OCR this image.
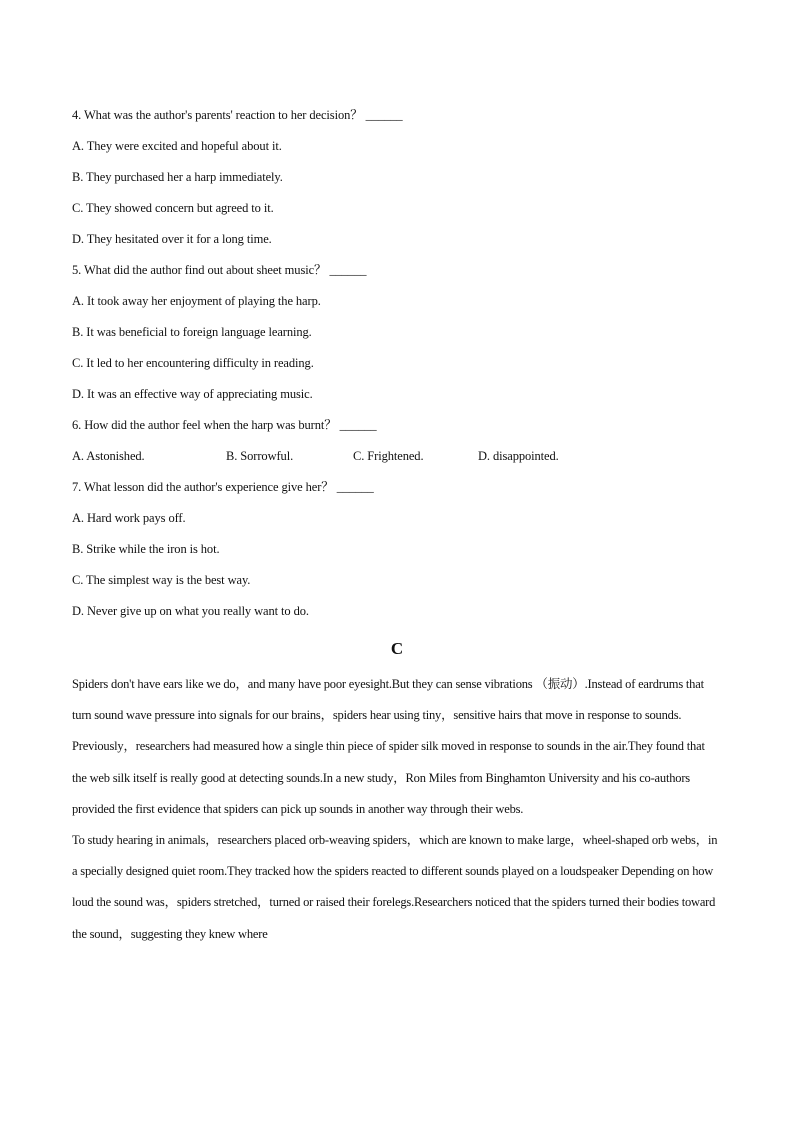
4. What was the author's parents' reaction to her decision？ ______
A. They were excited and hopeful about it.
B. They purchased her a harp immediately.
C. They showed concern but agreed to it.
D. They hesitated over it for a long time.
5. What did the author find out about sheet music？ ______
A. It took away her enjoyment of playing the harp.
B. It was beneficial to foreign language learning.
C. It led to her encountering difficulty in reading.
D. It was an effective way of appreciating music.
6. How did the author feel when the harp was burnt？ ______
A. Astonished.	B. Sorrowful.	C. Frightened.	D. disappointed.
7. What lesson did the author's experience give her？ ______
A. Hard work pays off.
B. Strike while the iron is hot.
C. The simplest way is the best way.
D. Never give up on what you really want to do.
C

Spiders don't have ears like we do，and many have poor eyesight.But they can sense vibrations （振动）.Instead of eardrums that turn sound wave pressure into signals for our brains，spiders hear using tiny，sensitive hairs that move in response to sounds.

Previously，researchers had measured how a single thin piece of spider silk moved in response to sounds in the air.They found that the web silk itself is really good at detecting sounds.In a new study，Ron Miles from Binghamton University and his co-authors provided the first evidence that spiders can pick up sounds in another way through their webs.

To study hearing in animals，researchers placed orb-weaving spiders，which are known to make large，wheel-shaped orb webs，in a specially designed quiet room.They tracked how the spiders reacted to different sounds played on a loudspeaker Depending on how loud the sound was，spiders stretched，turned or raised their forelegs.Researchers noticed that the spiders turned their bodies toward the sound，suggesting they knew where
